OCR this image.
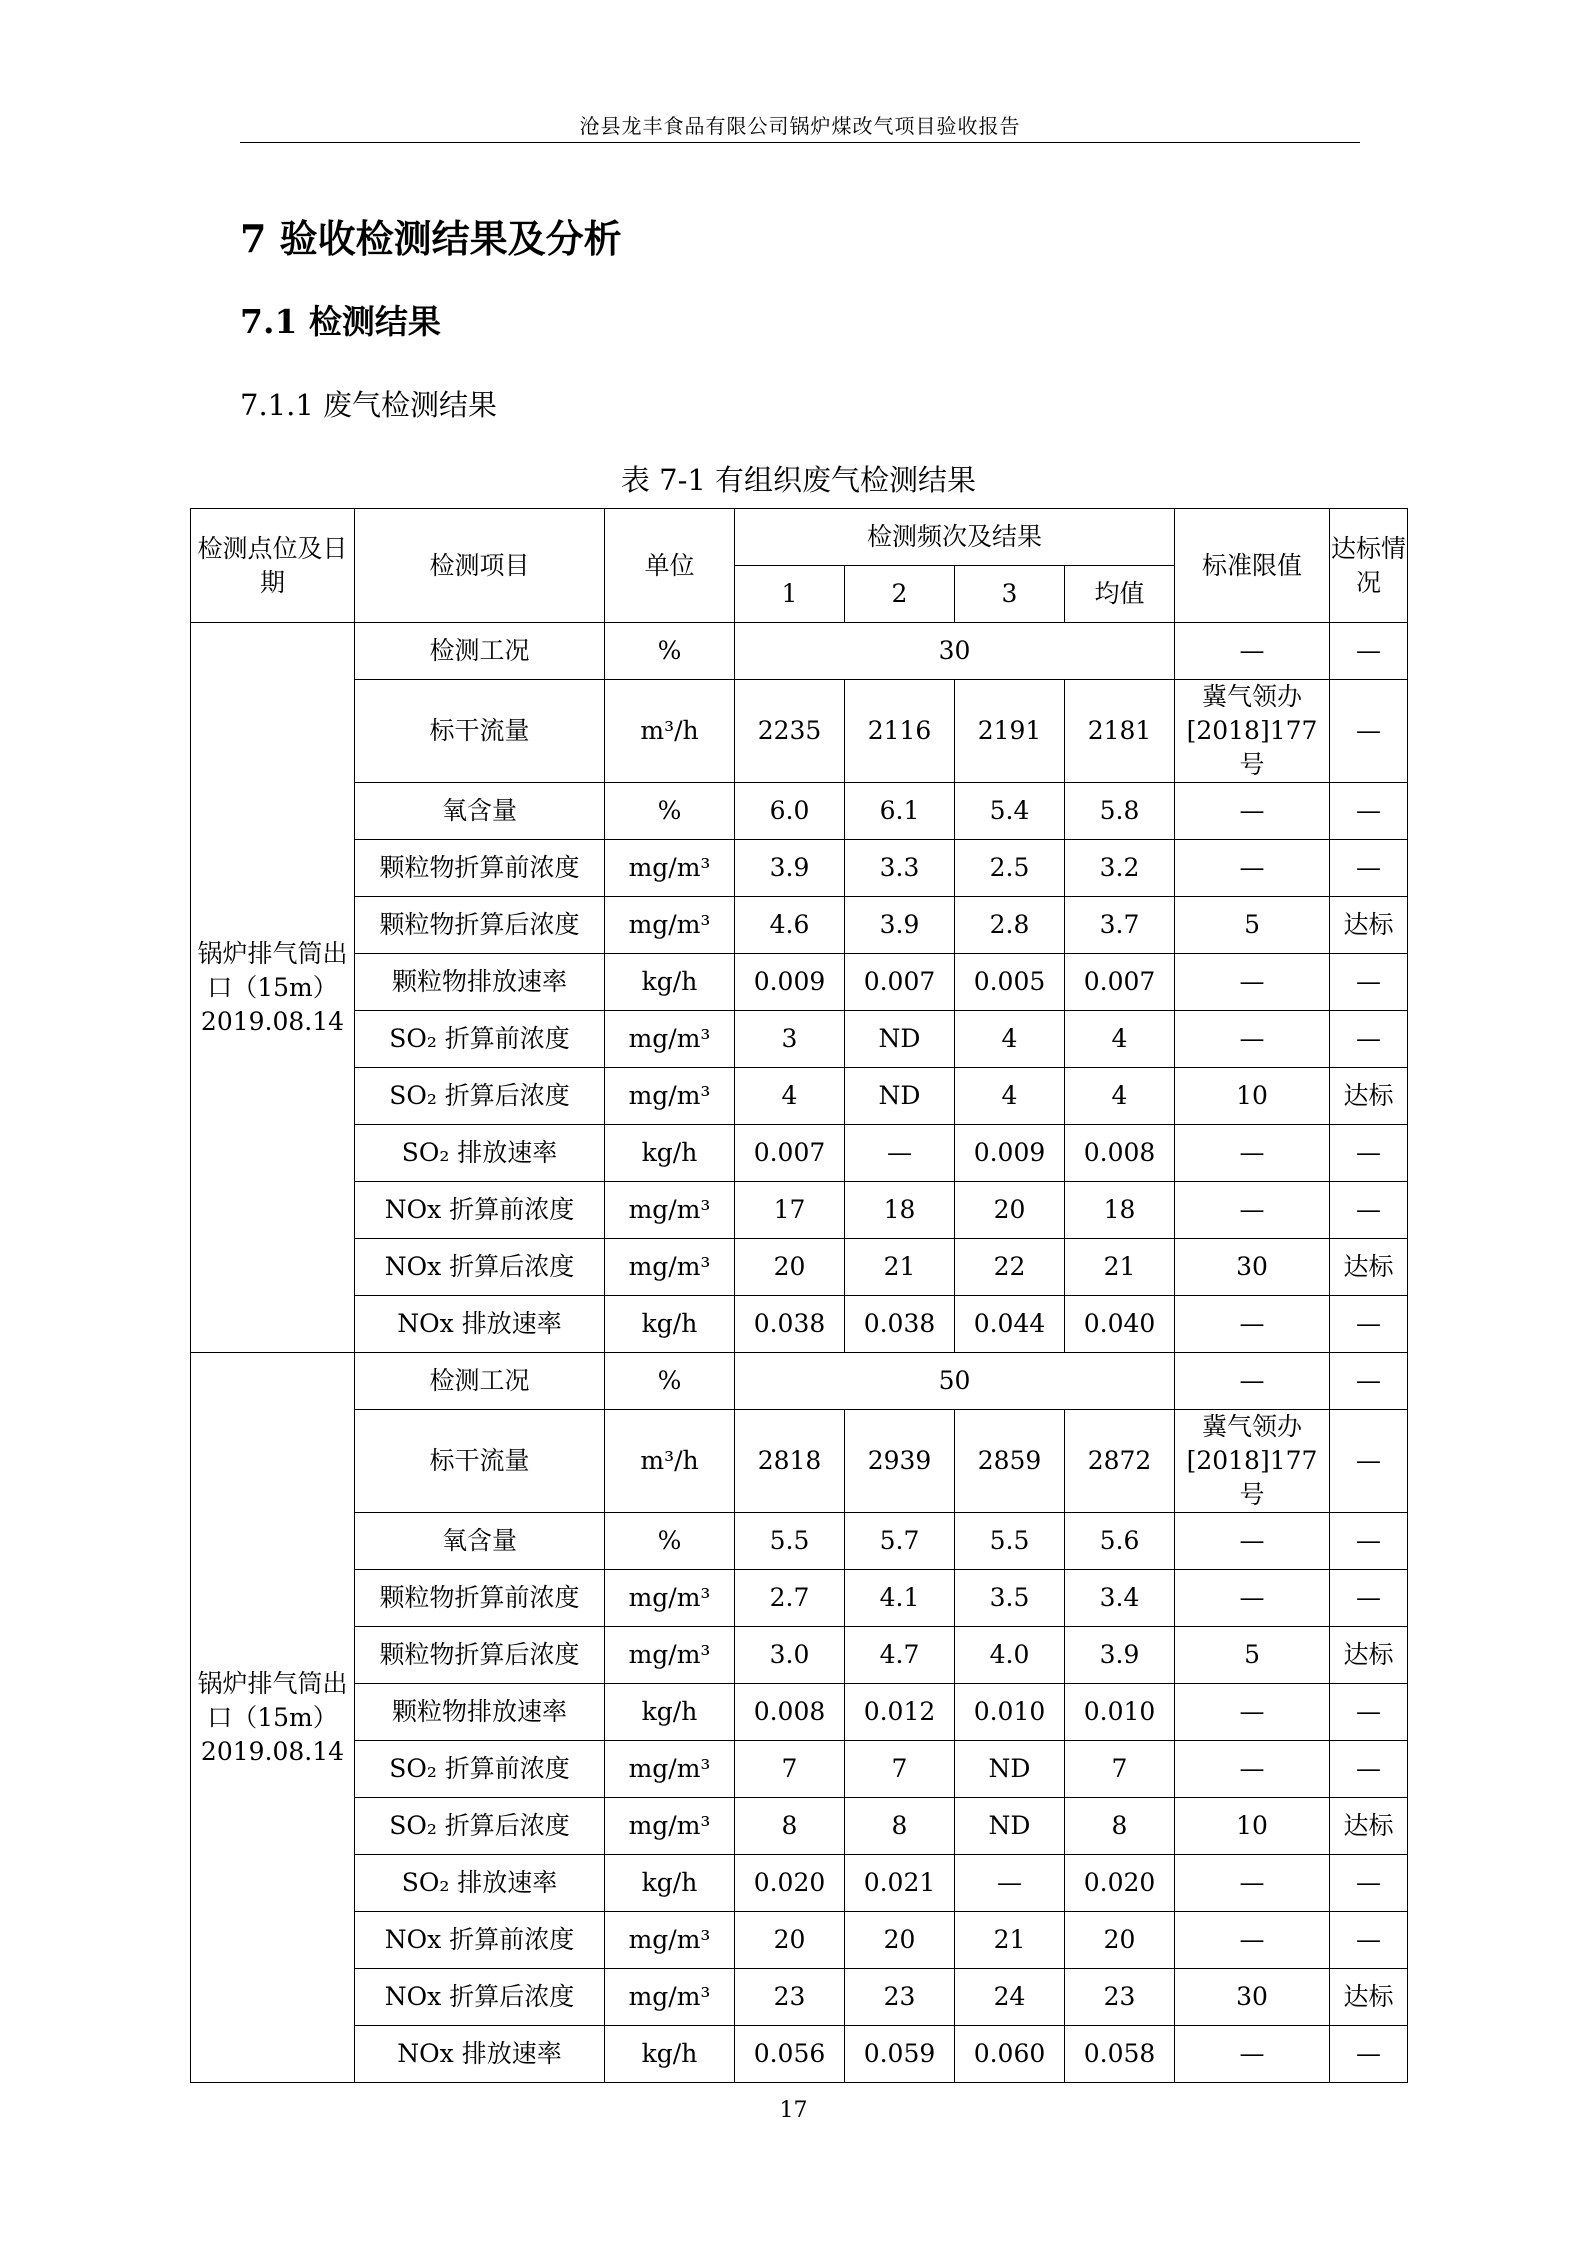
沧县龙丰食品有限公司锅炉煤改气项目验收报告
7 验收检测结果及分析
7.1 检测结果
7.1.1 废气检测结果
表 7-1 有组织废气检测结果
检测点位及日期	检测项目	单位	检测频次及结果				标准限值	达标情况
			1	2	3	均值		
锅炉排气筒出口（15m）2019.08.14	检测工况	%	30				—	—
	标干流量	m³/h	2235	2116	2191	2181	冀气领办[2018]177 号	—
	氧含量	%	6.0	6.1	5.4	5.8	—	—
	颗粒物折算前浓度	mg/m³	3.9	3.3	2.5	3.2	—	—
	颗粒物折算后浓度	mg/m³	4.6	3.9	2.8	3.7	5	达标
	颗粒物排放速率	kg/h	0.009	0.007	0.005	0.007	—	—
	SO₂ 折算前浓度	mg/m³	3	ND	4	4	—	—
	SO₂ 折算后浓度	mg/m³	4	ND	4	4	10	达标
	SO₂ 排放速率	kg/h	0.007	—	0.009	0.008	—	—
	NOx 折算前浓度	mg/m³	17	18	20	18	—	—
	NOx 折算后浓度	mg/m³	20	21	22	21	30	达标
	NOx 排放速率	kg/h	0.038	0.038	0.044	0.040	—	—
锅炉排气筒出口（15m）2019.08.14	检测工况	%	50				—	—
	标干流量	m³/h	2818	2939	2859	2872	冀气领办[2018]177 号	—
	氧含量	%	5.5	5.7	5.5	5.6	—	—
	颗粒物折算前浓度	mg/m³	2.7	4.1	3.5	3.4	—	—
	颗粒物折算后浓度	mg/m³	3.0	4.7	4.0	3.9	5	达标
	颗粒物排放速率	kg/h	0.008	0.012	0.010	0.010	—	—
	SO₂ 折算前浓度	mg/m³	7	7	ND	7	—	—
	SO₂ 折算后浓度	mg/m³	8	8	ND	8	10	达标
	SO₂ 排放速率	kg/h	0.020	0.021	—	0.020	—	—
	NOx 折算前浓度	mg/m³	20	20	21	20	—	—
	NOx 折算后浓度	mg/m³	23	23	24	23	30	达标
	NOx 排放速率	kg/h	0.056	0.059	0.060	0.058	—	—
17
